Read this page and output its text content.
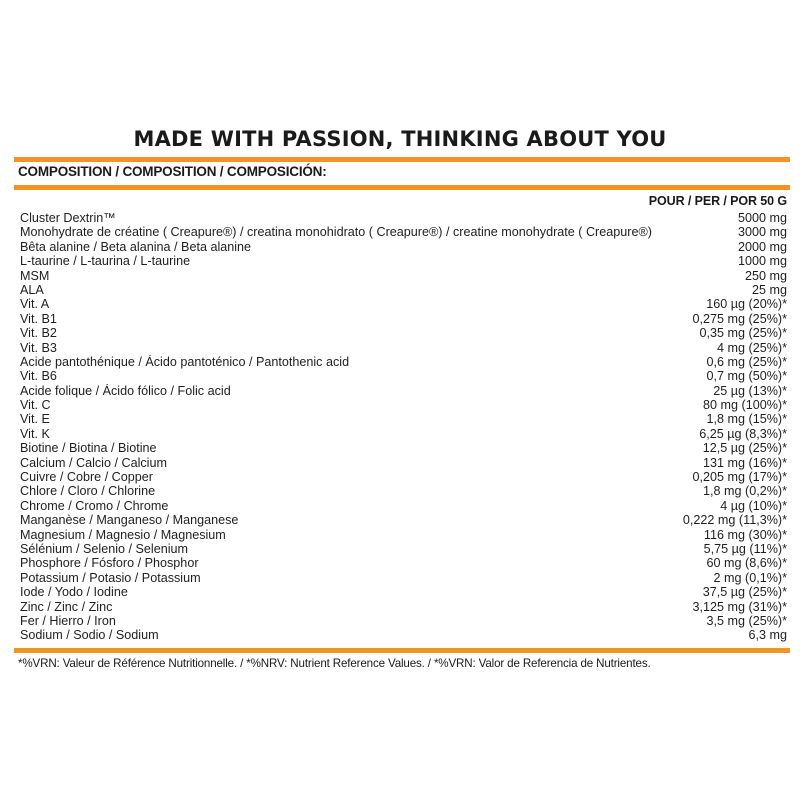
MADE WITH PASSION, THINKING ABOUT YOU
COMPOSITION / COMPOSITION / COMPOSICIÓN:
POUR / PER / POR 50 G
Cluster Dextrin™	5000 mg
Monohydrate de créatine ( Creapure®) / creatina monohidrato ( Creapure®) / creatine monohydrate ( Creapure®)	3000 mg
Bêta alanine / Beta alanina / Beta alanine	2000 mg
L-taurine / L-taurina / L-taurine	1000 mg
MSM	250 mg
ALA	25 mg
Vit. A	160 µg (20%)*
Vit. B1	0,275 mg (25%)*
Vit. B2	0,35 mg (25%)*
Vit. B3	4 mg (25%)*
Acide pantothénique / Ácido pantoténico / Pantothenic acid	0,6 mg (25%)*
Vit. B6	0,7 mg (50%)*
Acide folique / Ácido fólico / Folic acid	25 µg (13%)*
Vit. C	80 mg (100%)*
Vit. E	1,8 mg (15%)*
Vit. K	6,25 µg (8,3%)*
Biotine / Biotina / Biotine	12,5 µg (25%)*
Calcium / Calcio / Calcium	131 mg (16%)*
Cuivre / Cobre / Copper	0,205 mg (17%)*
Chlore / Cloro / Chlorine	1,8 mg (0,2%)*
Chrome / Cromo / Chrome	4 µg (10%)*
Manganèse / Manganeso / Manganese	0,222 mg (11,3%)*
Magnesium / Magnesio / Magnesium	116 mg (30%)*
Sélénium / Selenio / Selenium	5,75 µg (11%)*
Phosphore / Fósforo / Phosphor	60 mg (8,6%)*
Potassium / Potasio / Potassium	2 mg (0,1%)*
Iode / Yodo / Iodine	37,5 µg (25%)*
Zinc / Zinc / Zinc	3,125 mg (31%)*
Fer / Hierro / Iron	3,5 mg (25%)*
Sodium / Sodio / Sodium	6,3 mg
*%VRN: Valeur de Référence Nutritionnelle. / *%NRV: Nutrient Reference Values. / *%VRN: Valor de Referencia de Nutrientes.
